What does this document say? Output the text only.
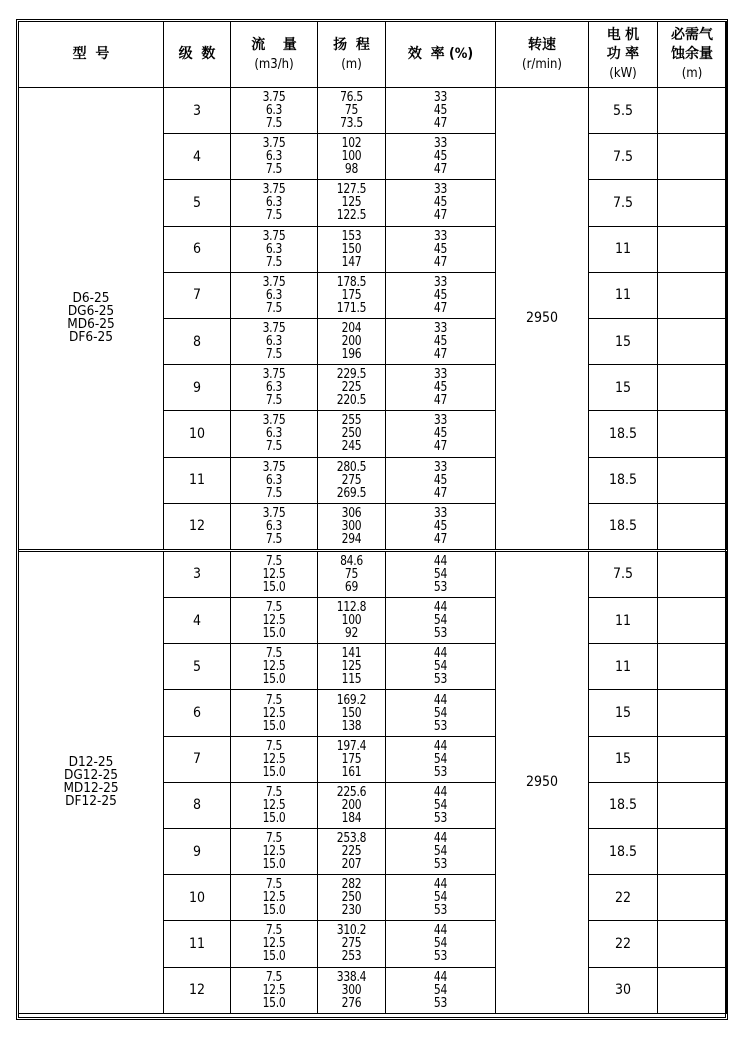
型  号	级  数	
流    量
(m3/h)

扬  程
(m)
	效  率 (%)	
转速
(r/min)

电 机
功 率
(kW)

必需气
蚀余量
(m)

D6-25
DG6-25
MD6-25
DF6-25	3	3.75
6.3
7.5	76.5
75
73.5	33
45
47	2950	5.5	
	4	3.75
6.3
7.5	102
100
98	33
45
47		7.5	
	5	3.75
6.3
7.5	127.5
125
122.5	33
45
47		7.5	
	6	3.75
6.3
7.5	153
150
147	33
45
47		11	
	7	3.75
6.3
7.5	178.5
175
171.5	33
45
47		11	
	8	3.75
6.3
7.5	204
200
196	33
45
47		15	
	9	3.75
6.3
7.5	229.5
225
220.5	33
45
47		15	
	10	3.75
6.3
7.5	255
250
245	33
45
47		18.5	
	11	3.75
6.3
7.5	280.5
275
269.5	33
45
47		18.5	
	12	3.75
6.3
7.5	306
300
294	33
45
47		18.5	

D12-25
DG12-25
MD12-25
DF12-25	3	7.5
12.5
15.0	84.6
75
69	44
54
53	2950	7.5	
	4	7.5
12.5
15.0	112.8
100
92	44
54
53		11	
	5	7.5
12.5
15.0	141
125
115	44
54
53		11	
	6	7.5
12.5
15.0	169.2
150
138	44
54
53		15	
	7	7.5
12.5
15.0	197.4
175
161	44
54
53		15	
	8	7.5
12.5
15.0	225.6
200
184	44
54
53		18.5	
	9	7.5
12.5
15.0	253.8
225
207	44
54
53		18.5	
	10	7.5
12.5
15.0	282
250
230	44
54
53		22	
	11	7.5
12.5
15.0	310.2
275
253	44
54
53		22	
	12	7.5
12.5
15.0	338.4
300
276	44
54
53		30	
